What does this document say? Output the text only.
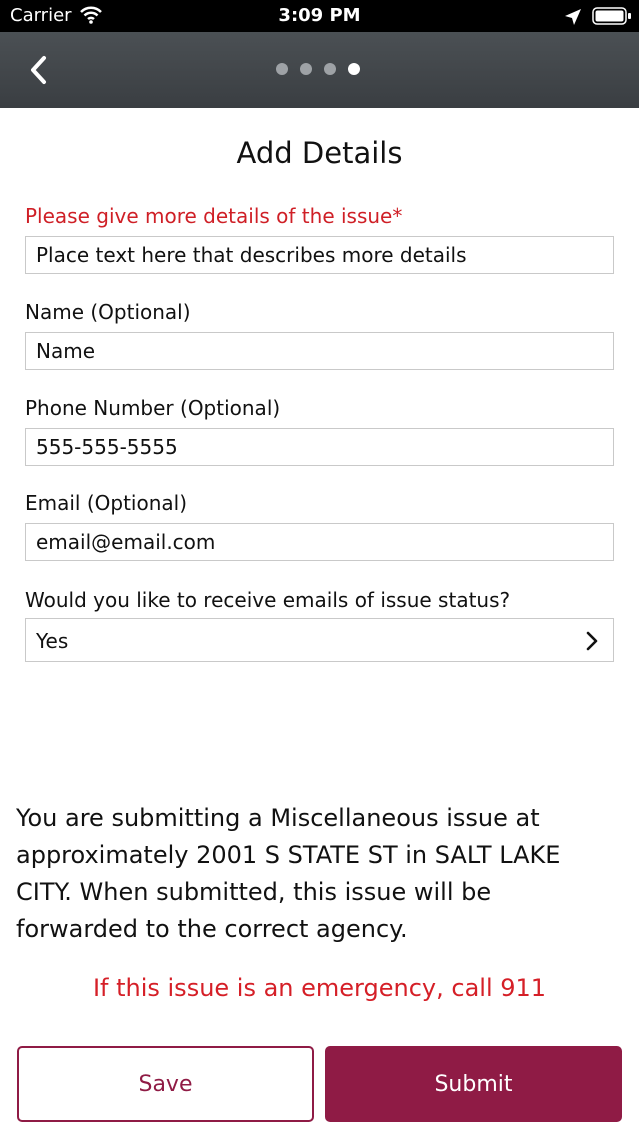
Carrier	3:09 PM
Add Details
Please give more details of the issue*
Place text here that describes more details
Name (Optional)
Name
Phone Number (Optional)
555-555-5555
Email (Optional)
email@email.com
Would you like to receive emails of issue status?
Yes
You are submitting a Miscellaneous issue at approximately 2001 S STATE ST in SALT LAKE CITY. When submitted, this issue will be forwarded to the correct agency.
If this issue is an emergency, call 911
Save	Submit
